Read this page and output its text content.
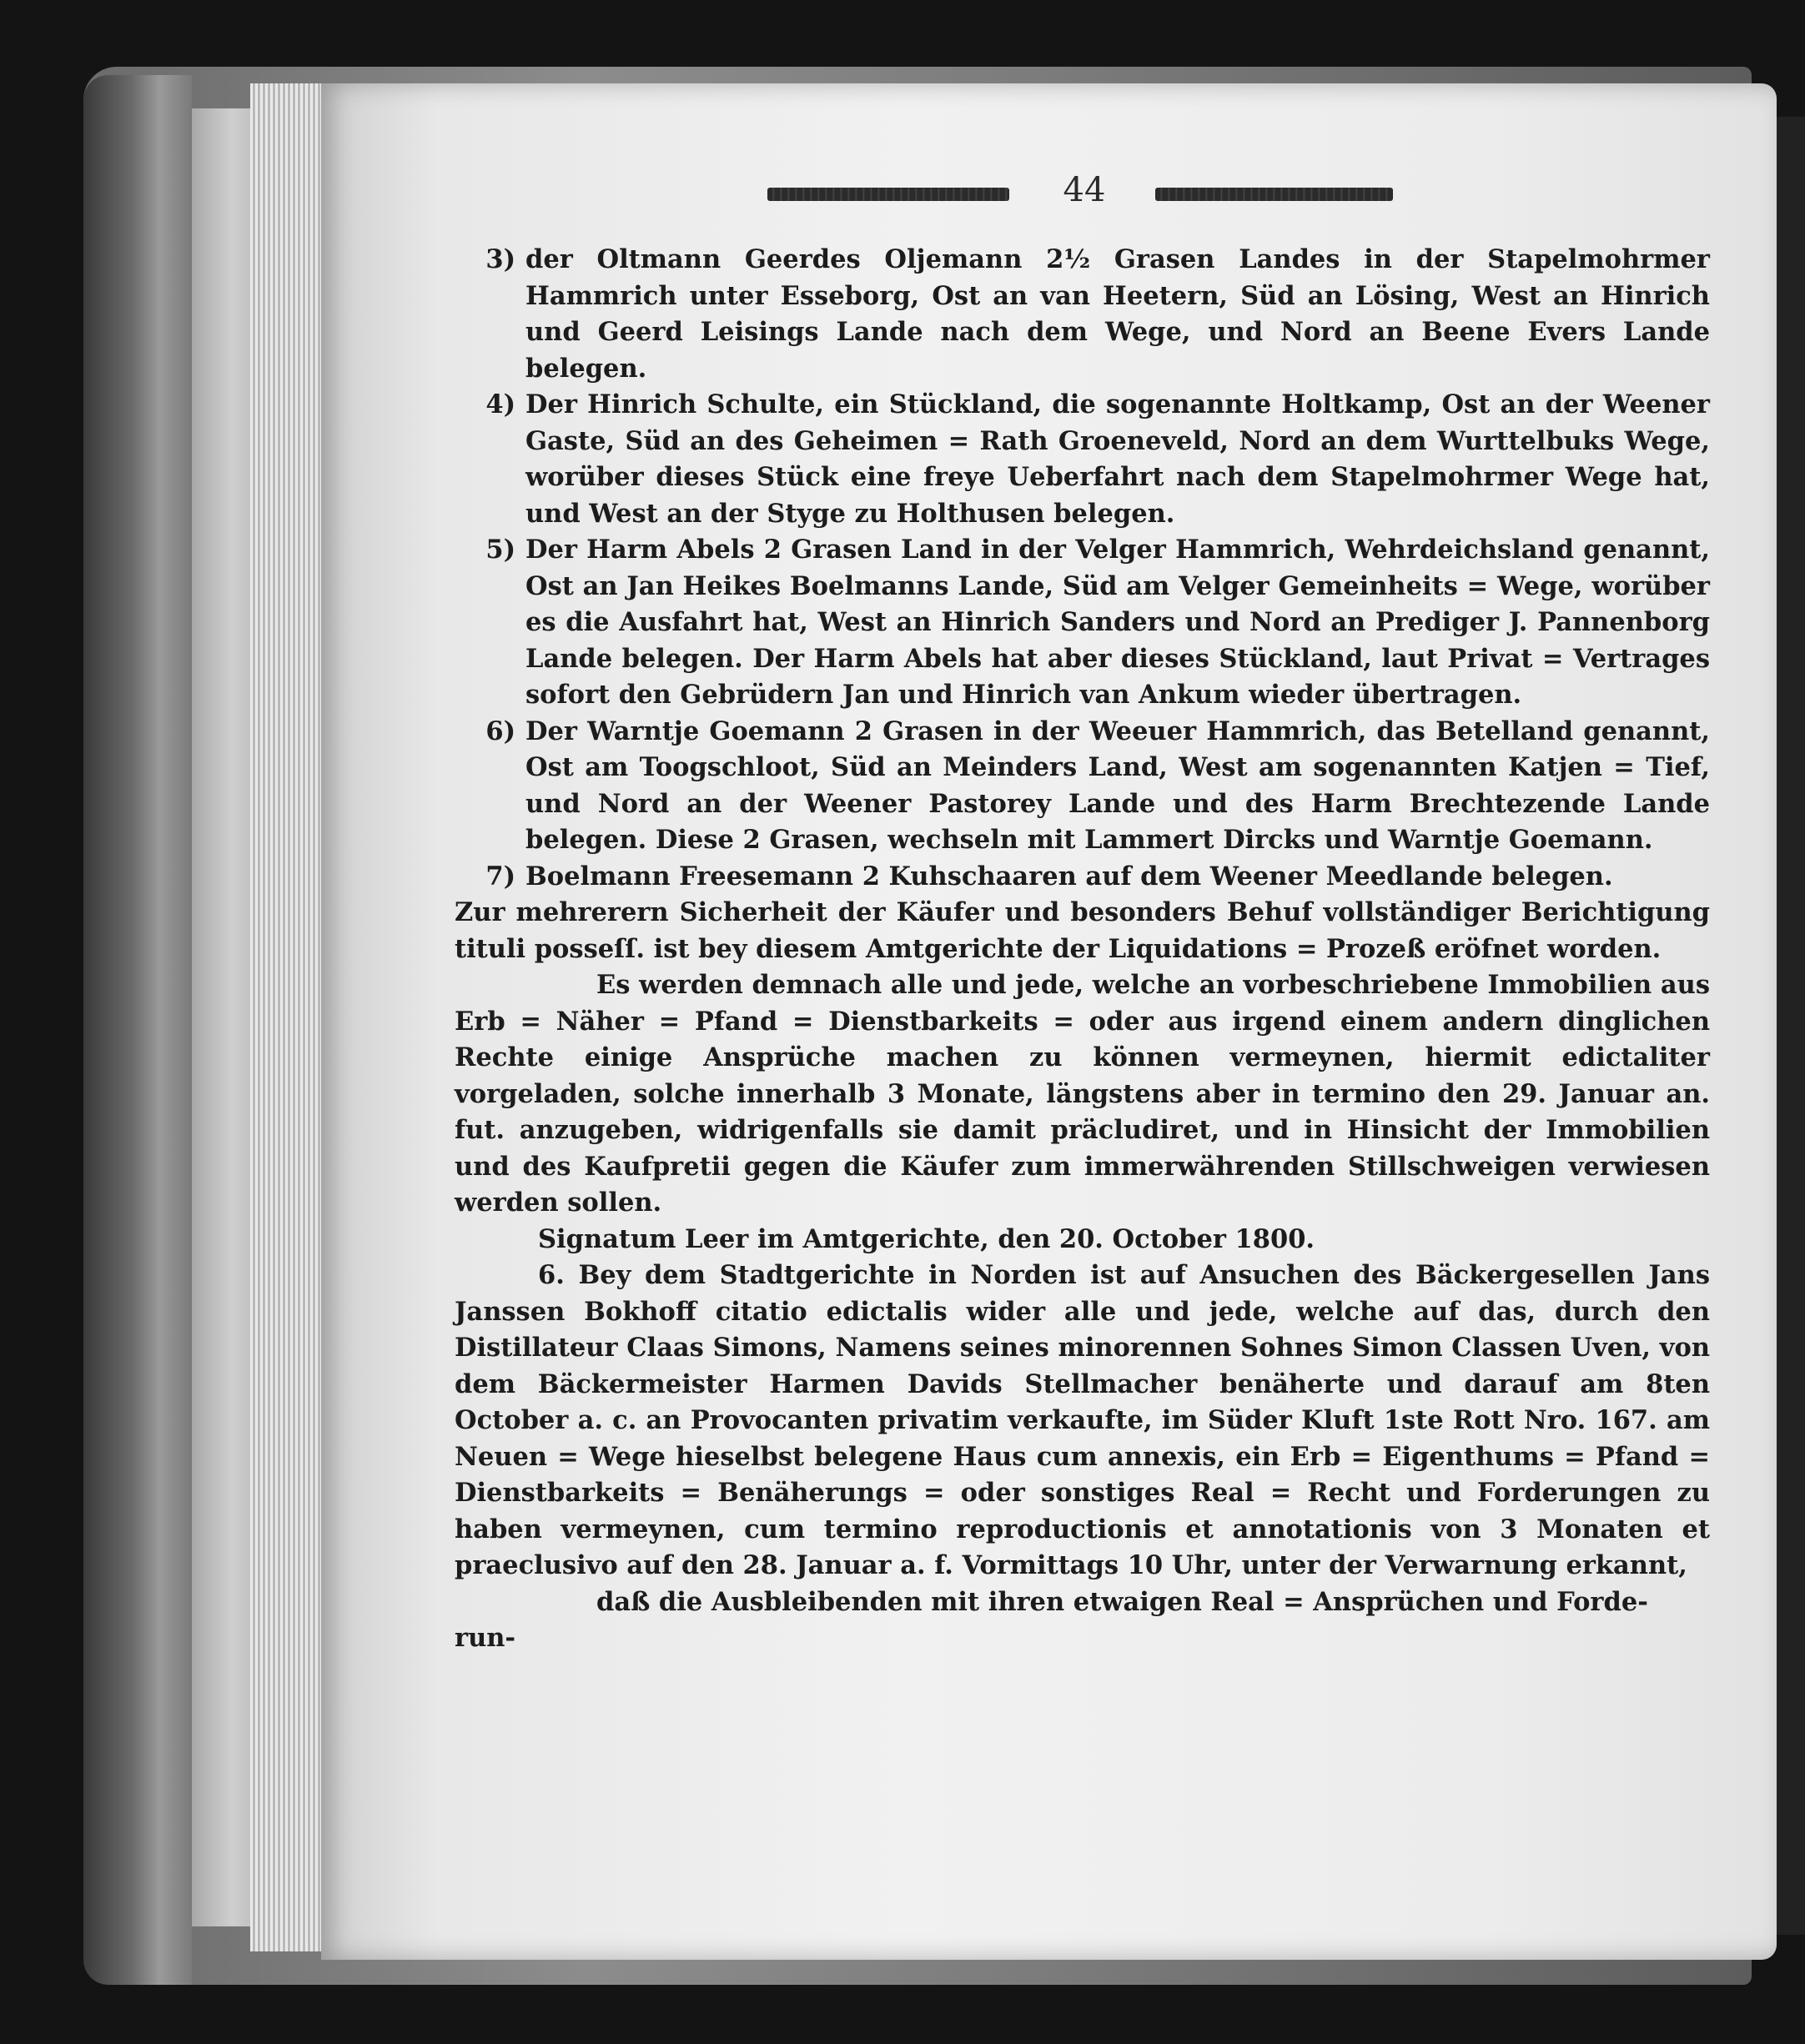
44
3) der Oltmann Geerdes Oljemann 2½ Grasen Landes in der Stapelmohrmer Hammrich unter Esseborg, Ost an van Heetern, Süd an Lösing, West an Hinrich und Geerd Leisings Lande nach dem Wege, und Nord an Beene Evers Lande belegen.
4) Der Hinrich Schulte, ein Stückland, die sogenannte Holtkamp, Ost an der Weener Gaste, Süd an des Geheimen = Rath Groeneveld, Nord an dem Wurttelbuks Wege, worüber dieses Stück eine freye Ueberfahrt nach dem Stapelmohrmer Wege hat, und West an der Styge zu Holthusen belegen.
5) Der Harm Abels 2 Grasen Land in der Velger Hammrich, Wehrdeichsland genannt, Ost an Jan Heikes Boelmanns Lande, Süd am Velger Gemeinheits = Wege, worüber es die Ausfahrt hat, West an Hinrich Sanders und Nord an Prediger J. Pannenborg Lande belegen. Der Harm Abels hat aber dieses Stückland, laut Privat = Vertrages sofort den Gebrüdern Jan und Hinrich van Ankum wieder übertragen.
6) Der Warntje Goemann 2 Grasen in der Weeuer Hammrich, das Betelland genannt, Ost am Toogschloot, Süd an Meinders Land, West am sogenannten Katjen = Tief, und Nord an der Weener Pastorey Lande und des Harm Brechtezende Lande belegen. Diese 2 Grasen, wechseln mit Lammert Dircks und Warntje Goemann.
7) Boelmann Freesemann 2 Kuhschaaren auf dem Weener Meedlande belegen.

Zur mehrerern Sicherheit der Käufer und besonders Behuf vollständiger Berichtigung tituli posseſſ. ist bey diesem Amtgerichte der Liquidations = Prozeß eröfnet worden.

Es werden demnach alle und jede, welche an vorbeschriebene Immobilien aus Erb = Näher = Pfand = Dienstbarkeits = oder aus irgend einem andern dinglichen Rechte einige Ansprüche machen zu können vermeynen, hiermit edictaliter vorgeladen, solche innerhalb 3 Monate, längstens aber in termino den 29. Januar an. fut. anzugeben, widrigenfalls sie damit präcludiret, und in Hinsicht der Immobilien und des Kaufpretii gegen die Käufer zum immerwährenden Stillschweigen verwiesen werden sollen.

Signatum Leer im Amtgerichte, den 20. October 1800.

6. Bey dem Stadtgerichte in Norden ist auf Ansuchen des Bäckergesellen Jans Janssen Bokhoff citatio edictalis wider alle und jede, welche auf das, durch den Distillateur Claas Simons, Namens seines minorennen Sohnes Simon Classen Uven, von dem Bäckermeister Harmen Davids Stellmacher benäherte und darauf am 8ten October a. c. an Provocanten privatim verkaufte, im Süder Kluft 1ste Rott Nro. 167. am Neuen = Wege hieselbst belegene Haus cum annexis, ein Erb = Eigenthums = Pfand = Dienstbarkeits = Benäherungs = oder sonstiges Real = Recht und Forderungen zu haben vermeynen, cum termino reproductionis et annotationis von 3 Monaten et praeclusivo auf den 28. Januar a. f. Vormittags 10 Uhr, unter der Verwarnung erkannt,

daß die Ausbleibenden mit ihren etwaigen Real = Ansprüchen und Forde-

run-
